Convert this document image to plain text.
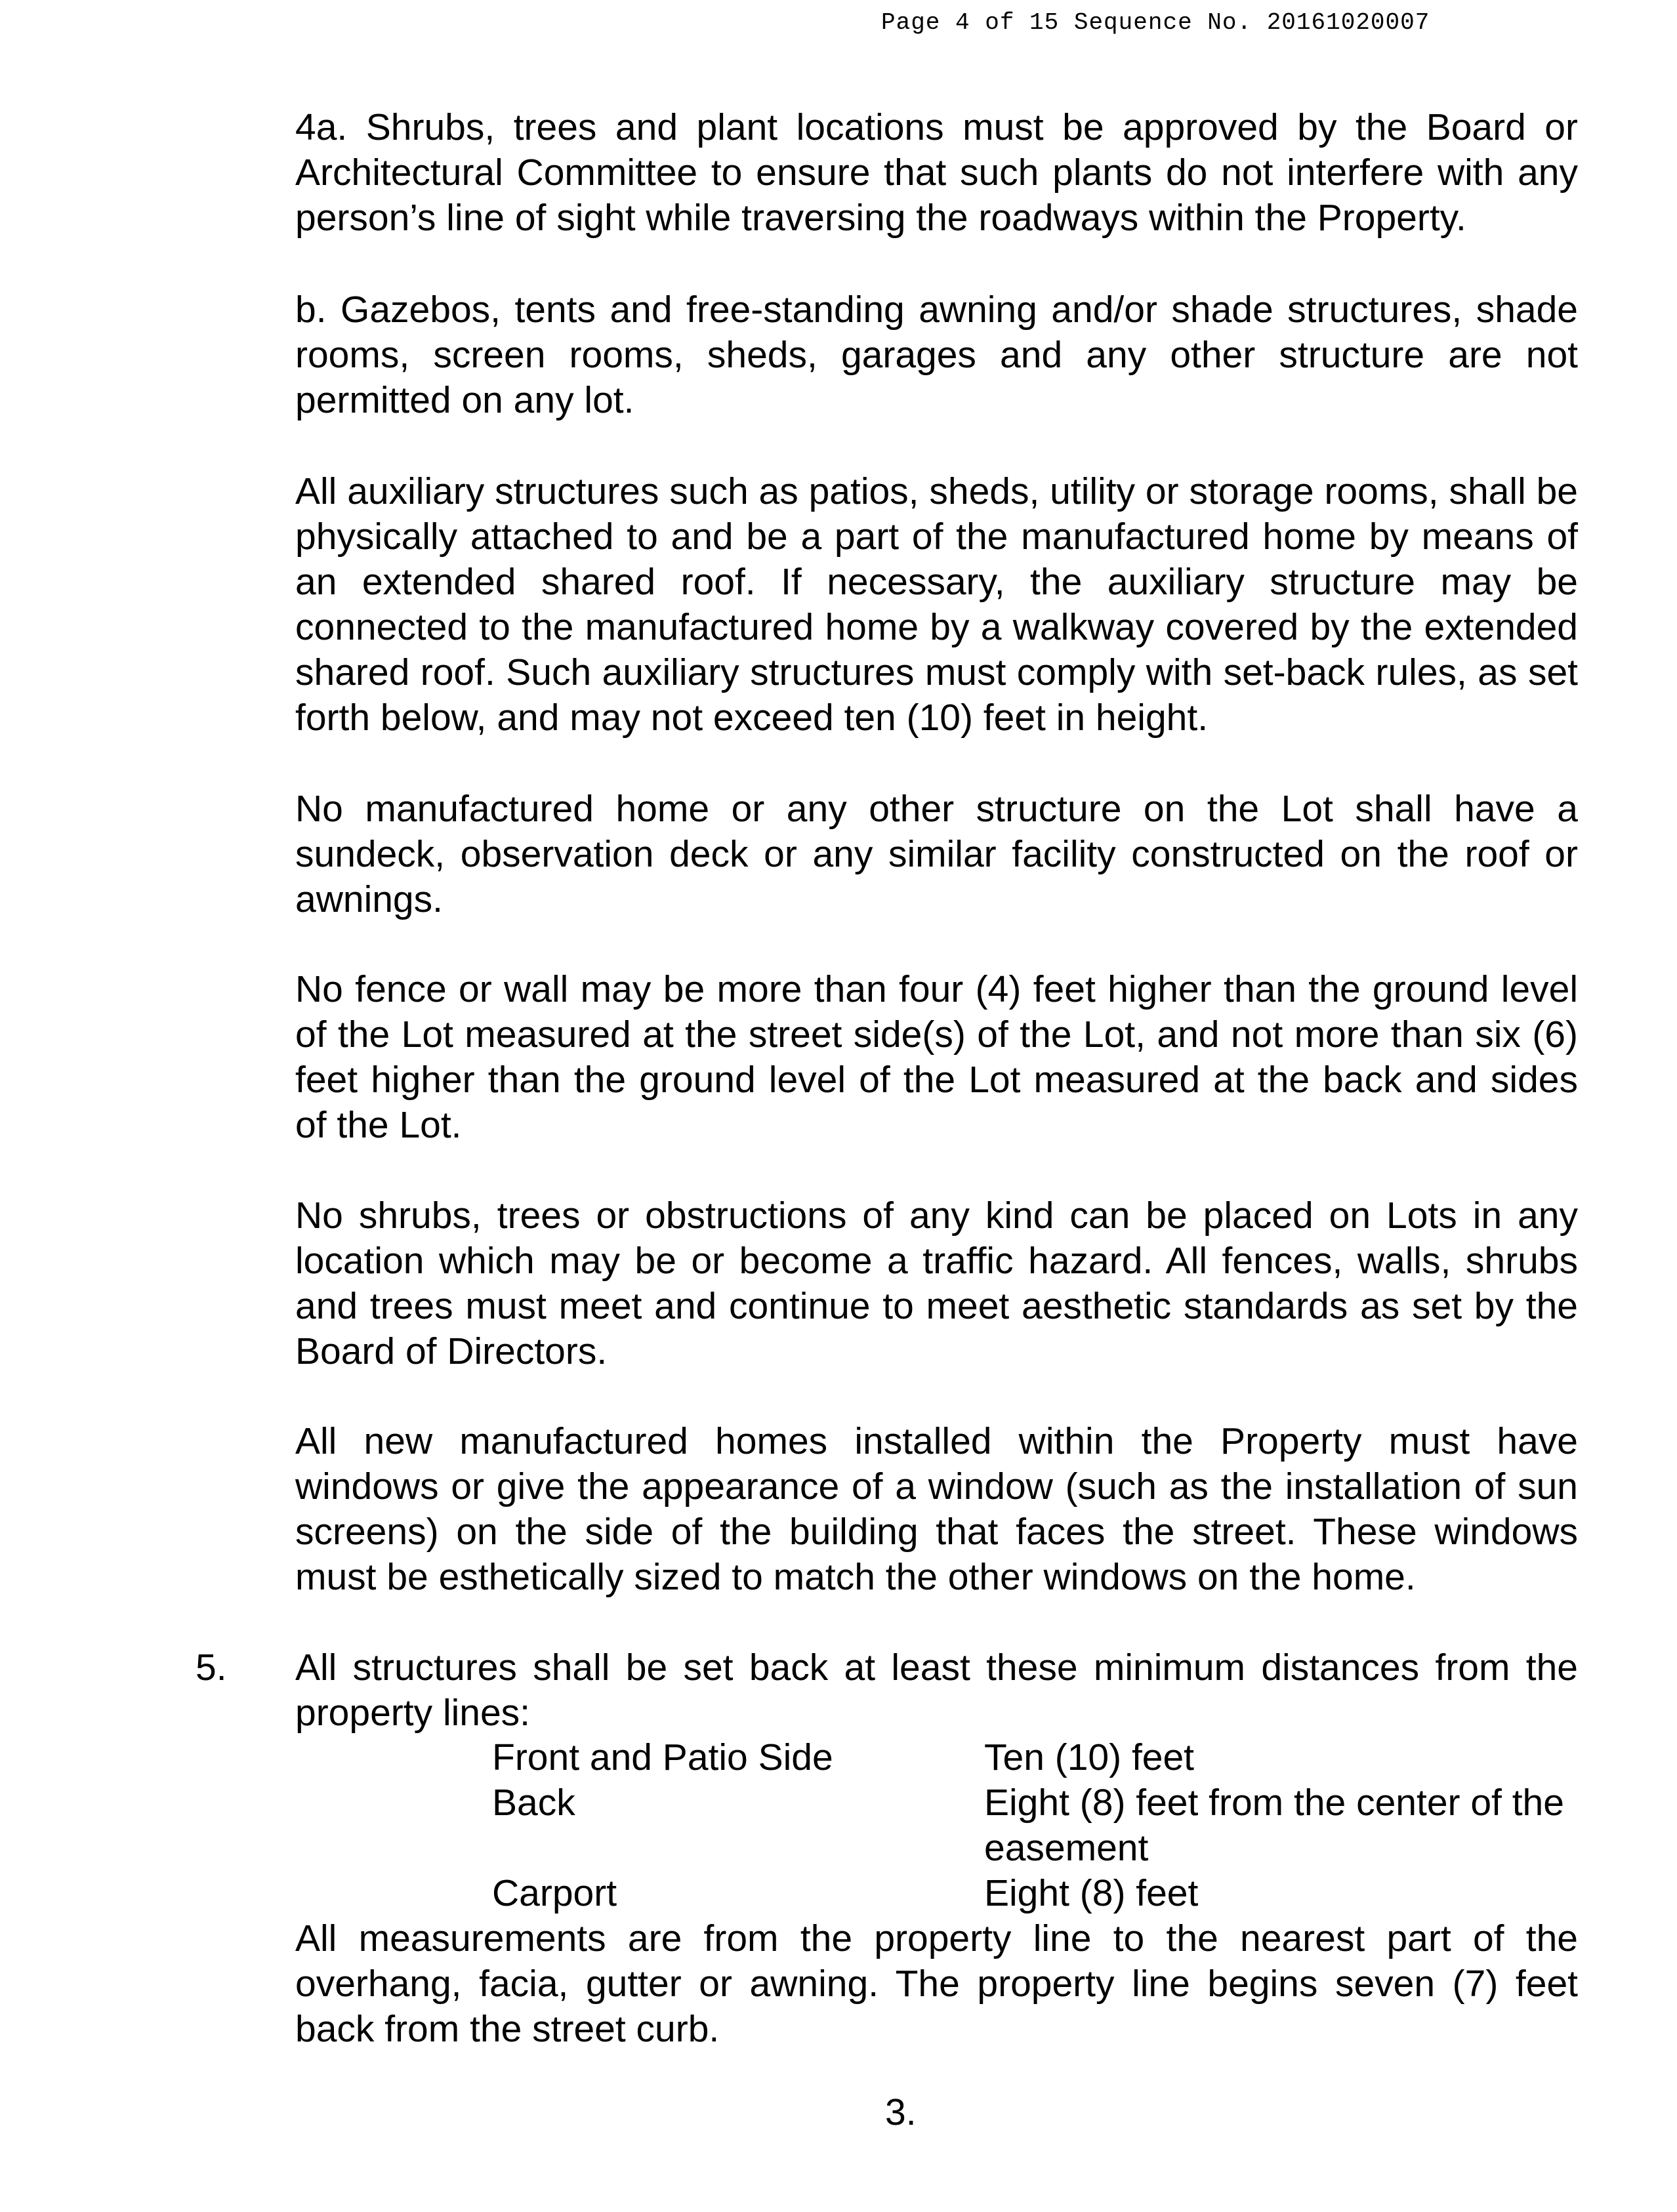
Page 4 of 15 Sequence No. 20161020007

4a. Shrubs, trees and plant locations must be approved by the Board or Architectural Committee to ensure that such plants do not interfere with any person’s line of sight while traversing the roadways within the Property.

b. Gazebos, tents and free-standing awning and/or shade structures, shade rooms, screen rooms, sheds, garages and any other structure are not permitted on any lot.

All auxiliary structures such as patios, sheds, utility or storage rooms, shall be physically attached to and be a part of the manufactured home by means of an extended shared roof. If necessary, the auxiliary structure may be connected to the manufactured home by a walkway covered by the extended shared roof. Such auxiliary structures must comply with set-back rules, as set forth below, and may not exceed ten (10) feet in height.

No manufactured home or any other structure on the Lot shall have a sundeck, observation deck or any similar facility constructed on the roof or awnings.

No fence or wall may be more than four (4) feet higher than the ground level of the Lot measured at the street side(s) of the Lot, and not more than six (6) feet higher than the ground level of the Lot measured at the back and sides of the Lot.

No shrubs, trees or obstructions of any kind can be placed on Lots in any location which may be or become a traffic hazard. All fences, walls, shrubs and trees must meet and continue to meet aesthetic standards as set by the Board of Directors.

All new manufactured homes installed within the Property must have windows or give the appearance of a window (such as the installation of sun screens) on the side of the building that faces the street. These windows must be esthetically sized to match the other windows on the home.

5. All structures shall be set back at least these minimum distances from the property lines:

Front and Patio Side	Ten (10) feet
Back	Eight (8) feet from the center of the easement
Carport	Eight (8) feet

All measurements are from the property line to the nearest part of the overhang, facia, gutter or awning. The property line begins seven (7) feet back from the street curb.

3.
